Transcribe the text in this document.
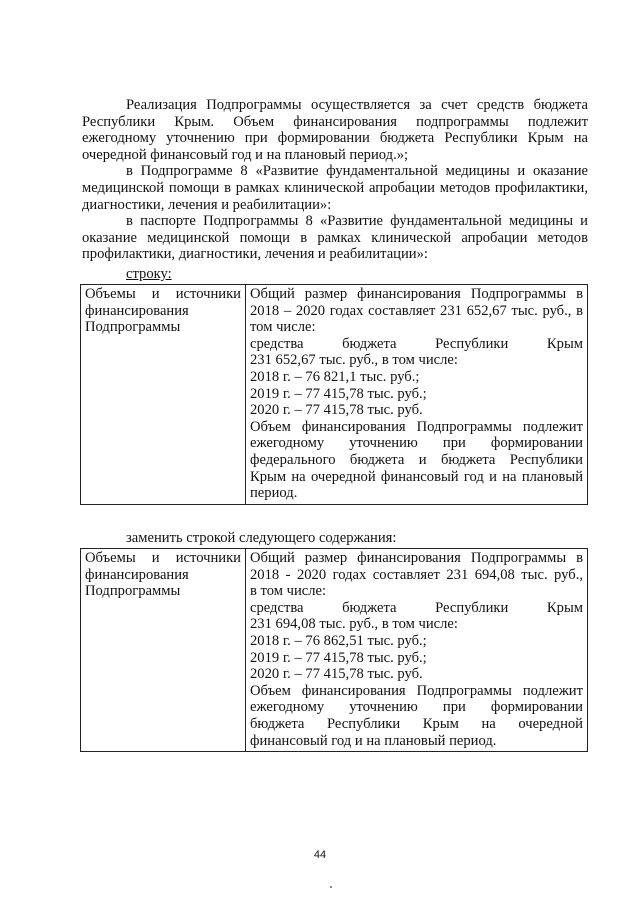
Реализация Подпрограммы осуществляется за счет средств бюджета Республики Крым. Объем финансирования подпрограммы подлежит ежегодному уточнению при формировании бюджета Республики Крым на очередной финансовый год и на плановый период.»;

в Подпрограмме 8 «Развитие фундаментальной медицины и оказание медицинской помощи в рамках клинической апробации методов профилактики, диагностики, лечения и реабилитации»:

в паспорте Подпрограммы 8 «Развитие фундаментальной медицины и оказание медицинской помощи в рамках клинической апробации методов профилактики, диагностики, лечения и реабилитации»:

строку:

Объемы и источники
финансирования
Подпрограммы

Общий размер финансирования Подпрограммы в
2018 – 2020 годах составляет 231 652,67 тыс. руб., в
том числе:
средства бюджета Республики Крым
231 652,67 тыс. руб., в том числе:
2018 г. – 76 821,1 тыс. руб.;
2019 г. – 77 415,78 тыс. руб.;
2020 г. – 77 415,78 тыс. руб.
Объем финансирования Подпрограммы подлежит
ежегодному уточнению при формировании
федерального бюджета и бюджета Республики
Крым на очередной финансовый год и на плановый
период.

заменить строкой следующего содержания:

Объемы и источники
финансирования
Подпрограммы

Общий размер финансирования Подпрограммы в
2018 - 2020 годах составляет 231 694,08 тыс. руб.,
в том числе:
средства бюджета Республики Крым
231 694,08 тыс. руб., в том числе:
2018 г. – 76 862,51 тыс. руб.;
2019 г. – 77 415,78 тыс. руб.;
2020 г. – 77 415,78 тыс. руб.
Объем финансирования Подпрограммы подлежит
ежегодному уточнению при формировании
бюджета Республики Крым на очередной
финансовый год и на плановый период.
44
